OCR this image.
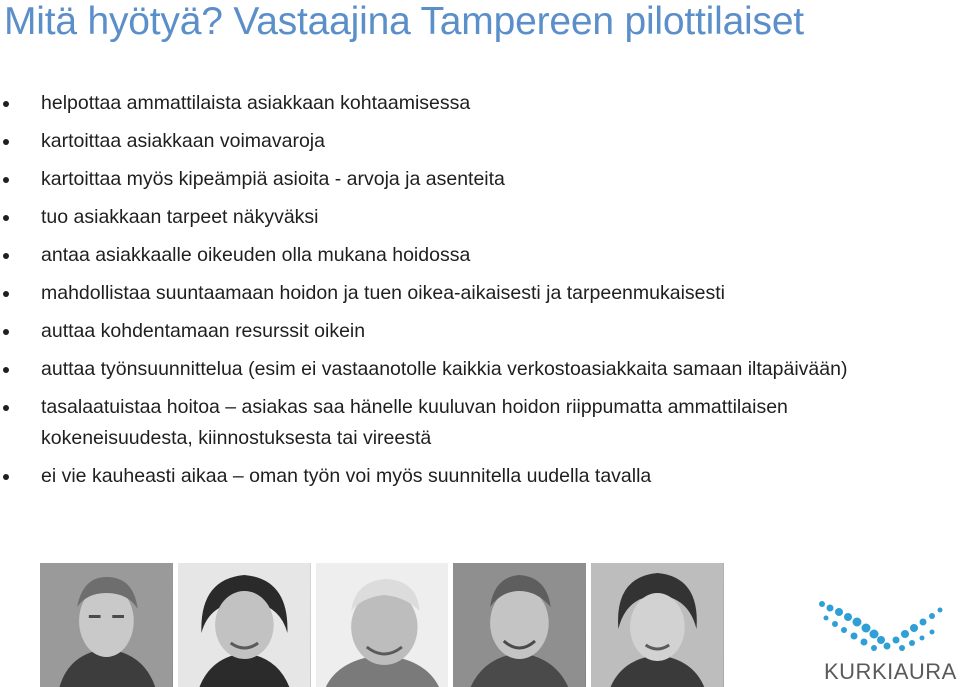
Mitä hyötyä? Vastaajina Tampereen pilottilaiset
helpottaa ammattilaista asiakkaan kohtaamisessa
kartoittaa asiakkaan voimavaroja
kartoittaa myös kipeämpiä asioita - arvoja ja asenteita
tuo asiakkaan tarpeet näkyväksi
antaa asiakkaalle oikeuden olla mukana hoidossa
mahdollistaa suuntaamaan hoidon ja tuen oikea-aikaisesti ja tarpeenmukaisesti
auttaa kohdentamaan resurssit oikein
auttaa työnsuunnittelua (esim ei vastaanotolle kaikkia verkostoasiakkaita samaan iltapäivään)
tasalaatuistaa hoitoa – asiakas saa hänelle kuuluvan hoidon riippumatta ammattilaisen kokeneisuudesta, kiinnostuksesta tai vireestä
ei vie kauheasti aikaa – oman työn voi myös suunnitella uudella tavalla
KURKIAURA
